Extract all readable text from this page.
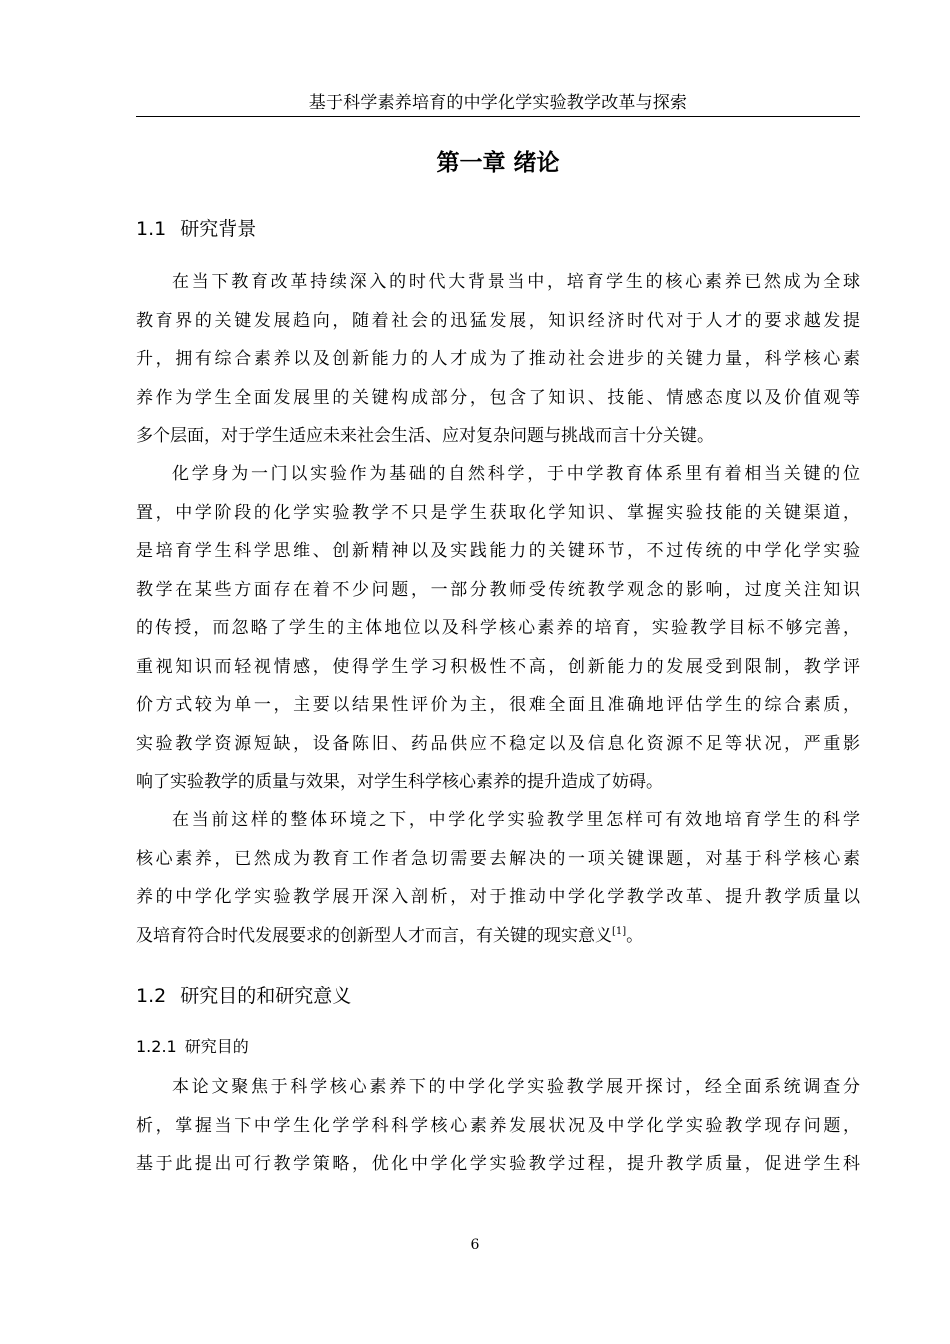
基于科学素养培育的中学化学实验教学改革与探索
第一章 绪论
1.1 研究背景
在当下教育改革持续深入的时代大背景当中，培育学生的核心素养已然成为全球
教育界的关键发展趋向，随着社会的迅猛发展，知识经济时代对于人才的要求越发提
升，拥有综合素养以及创新能力的人才成为了推动社会进步的关键力量，科学核心素
养作为学生全面发展里的关键构成部分，包含了知识、技能、情感态度以及价值观等
多个层面，对于学生适应未来社会生活、应对复杂问题与挑战而言十分关键。
化学身为一门以实验作为基础的自然科学，于中学教育体系里有着相当关键的位
置，中学阶段的化学实验教学不只是学生获取化学知识、掌握实验技能的关键渠道，
是培育学生科学思维、创新精神以及实践能力的关键环节，不过传统的中学化学实验
教学在某些方面存在着不少问题，一部分教师受传统教学观念的影响，过度关注知识
的传授，而忽略了学生的主体地位以及科学核心素养的培育，实验教学目标不够完善，
重视知识而轻视情感，使得学生学习积极性不高，创新能力的发展受到限制，教学评
价方式较为单一，主要以结果性评价为主，很难全面且准确地评估学生的综合素质，
实验教学资源短缺，设备陈旧、药品供应不稳定以及信息化资源不足等状况，严重影
响了实验教学的质量与效果，对学生科学核心素养的提升造成了妨碍。
在当前这样的整体环境之下，中学化学实验教学里怎样可有效地培育学生的科学
核心素养，已然成为教育工作者急切需要去解决的一项关键课题，对基于科学核心素
养的中学化学实验教学展开深入剖析，对于推动中学化学教学改革、提升教学质量以
及培育符合时代发展要求的创新型人才而言，有关键的现实意义[1]。
1.2 研究目的和研究意义
1.2.1 研究目的
本论文聚焦于科学核心素养下的中学化学实验教学展开探讨，经全面系统调查分
析，掌握当下中学生化学学科科学核心素养发展状况及中学化学实验教学现存问题，
基于此提出可行教学策略，优化中学化学实验教学过程，提升教学质量，促进学生科
6
